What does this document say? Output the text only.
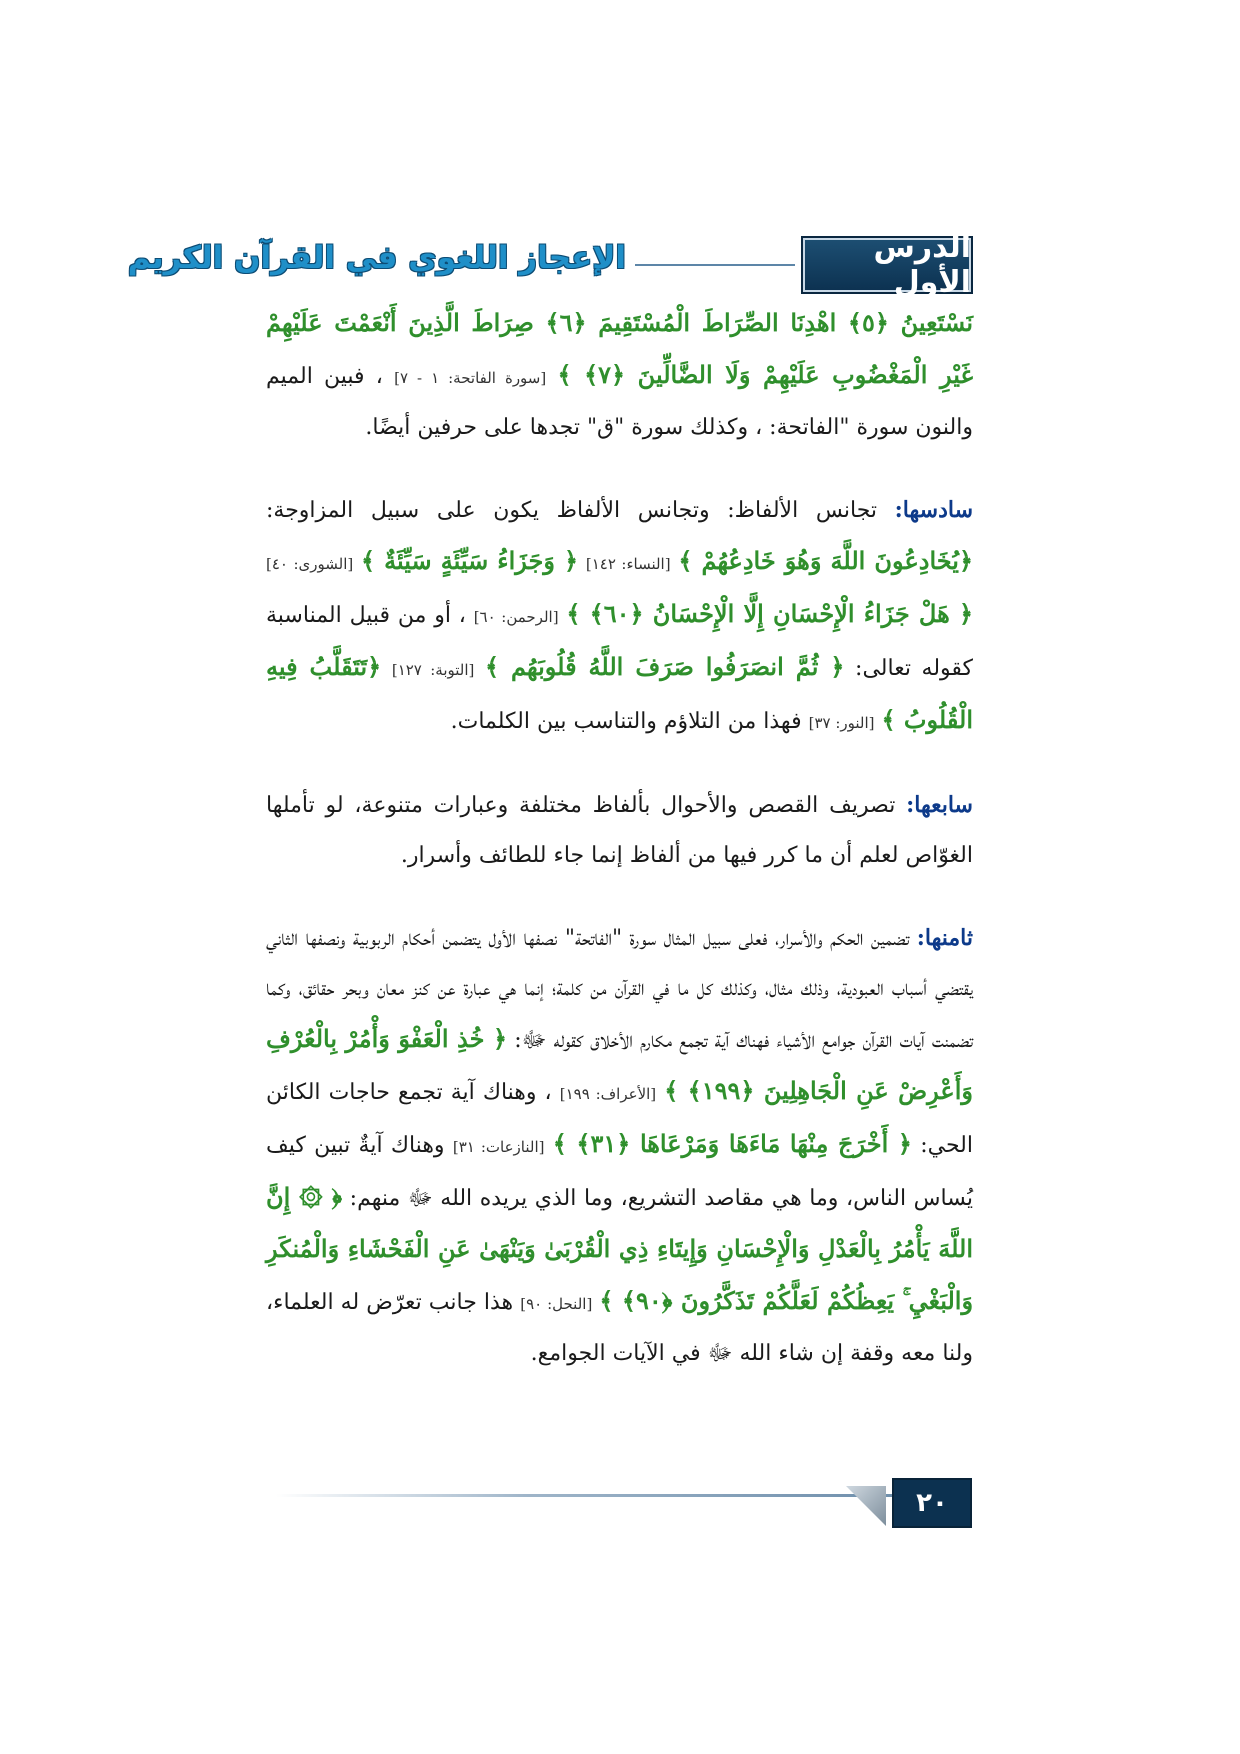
الدرس الأول
الإعجاز اللغوي في القرآن الكريم

نَسْتَعِينُ ﴿٥﴾ اهْدِنَا الصِّرَاطَ الْمُسْتَقِيمَ ﴿٦﴾ صِرَاطَ الَّذِينَ أَنْعَمْتَ عَلَيْهِمْ غَيْرِ الْمَغْضُوبِ عَلَيْهِمْ وَلَا الضَّالِّينَ ﴿٧﴾ ﴾ [سورة الفاتحة: ١ - ٧] ، فبين الميم والنون سورة "الفاتحة: ، وكذلك سورة "ق" تجدها على حرفين أيضًا.

سادسها: تجانس الألفاظ: وتجانس الألفاظ يكون على سبيل المزاوجة: ﴿يُخَادِعُونَ اللَّهَ وَهُوَ خَادِعُهُمْ ﴾ [النساء: ١٤٢] ﴿ وَجَزَاءُ سَيِّئَةٍ سَيِّئَةٌ ﴾ [الشورى: ٤٠] ﴿ هَلْ جَزَاءُ الْإِحْسَانِ إِلَّا الْإِحْسَانُ ﴿٦٠﴾ ﴾ [الرحمن: ٦٠] ، أو من قبيل المناسبة كقوله تعالى: ﴿ ثُمَّ انصَرَفُوا صَرَفَ اللَّهُ قُلُوبَهُم ﴾ [التوبة: ١٢٧] ﴿تَتَقَلَّبُ فِيهِ الْقُلُوبُ ﴾ [النور: ٣٧] فهذا من التلاؤم والتناسب بين الكلمات.

سابعها: تصريف القصص والأحوال بألفاظ مختلفة وعبارات متنوعة، لو تأملها الغوّاص لعلم أن ما كرر فيها من ألفاظ إنما جاء للطائف وأسرار.

ثامنها: تضمين الحكم والأسرار، فعلى سبيل المثال سورة "الفاتحة" نصفها الأول يتضمن أحكام الربوبية ونصفها الثاني يقتضي أسباب العبودية، وذلك مثال، وكذلك كل ما في القرآن من كلمة؛ إنما هي عبارة عن كنز معان وبحر حقائق، وكما تضمنت آيات القرآن جوامع الأشياء فهناك آية تجمع مكارم الأخلاق كقوله ﷻ: ﴿ خُذِ الْعَفْوَ وَأْمُرْ بِالْعُرْفِ وَأَعْرِضْ عَنِ الْجَاهِلِينَ ﴿١٩٩﴾ ﴾ [الأعراف: ١٩٩] ، وهناك آية تجمع حاجات الكائن الحي: ﴿ أَخْرَجَ مِنْهَا مَاءَهَا وَمَرْعَاهَا ﴿٣١﴾ ﴾ [النازعات: ٣١] وهناك آيةٌ تبين كيف يُساس الناس، وما هي مقاصد التشريع، وما الذي يريده الله ﷻ منهم: ﴿ ۞ إِنَّ اللَّهَ يَأْمُرُ بِالْعَدْلِ وَالْإِحْسَانِ وَإِيتَاءِ ذِي الْقُرْبَىٰ وَيَنْهَىٰ عَنِ الْفَحْشَاءِ وَالْمُنكَرِ وَالْبَغْيِ ۚ يَعِظُكُمْ لَعَلَّكُمْ تَذَكَّرُونَ ﴿٩٠﴾ ﴾ [النحل: ٩٠] هذا جانب تعرّض له العلماء، ولنا معه وقفة إن شاء الله ﷻ في الآيات الجوامع.

٢٠
